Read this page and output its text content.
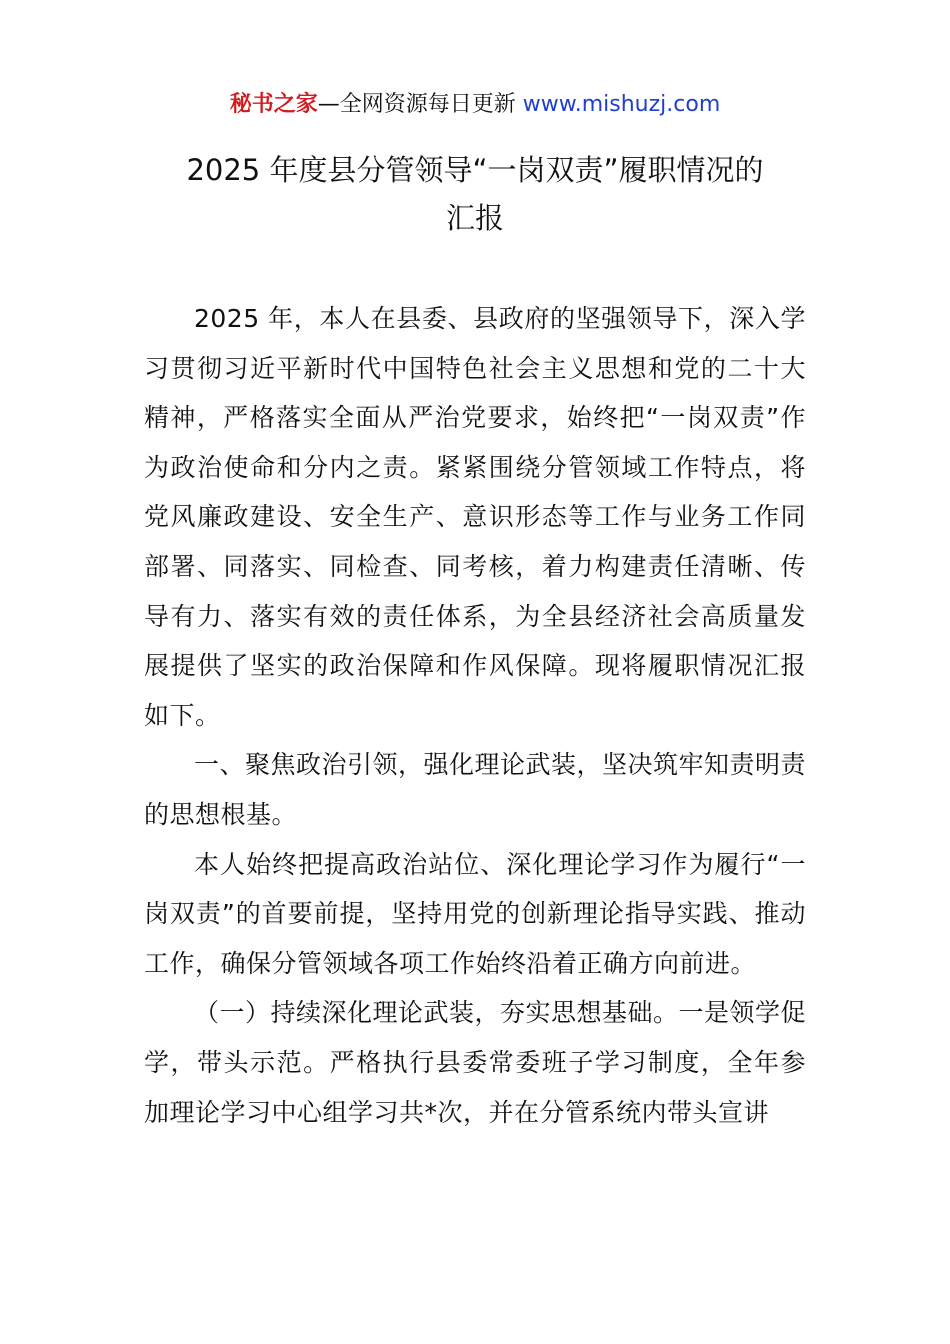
秘书之家—全网资源每日更新 www.mishuzj.com
2025 年度县分管领导“一岗双责”履职情况的
汇报

2025 年，本人在县委、县政府的坚强领导下，深入学习贯彻习近平新时代中国特色社会主义思想和党的二十大精神，严格落实全面从严治党要求，始终把“一岗双责”作为政治使命和分内之责。紧紧围绕分管领域工作特点，将党风廉政建设、安全生产、意识形态等工作与业务工作同部署、同落实、同检查、同考核，着力构建责任清晰、传导有力、落实有效的责任体系，为全县经济社会高质量发展提供了坚实的政治保障和作风保障。现将履职情况汇报如下。

一、聚焦政治引领，强化理论武装，坚决筑牢知责明责的思想根基。

本人始终把提高政治站位、深化理论学习作为履行“一岗双责”的首要前提，坚持用党的创新理论指导实践、推动工作，确保分管领域各项工作始终沿着正确方向前进。

（一）持续深化理论武装，夯实思想基础。一是领学促学，带头示范。严格执行县委常委班子学习制度，全年参加理论学习中心组学习共*次，并在分管系统内带头宣讲
